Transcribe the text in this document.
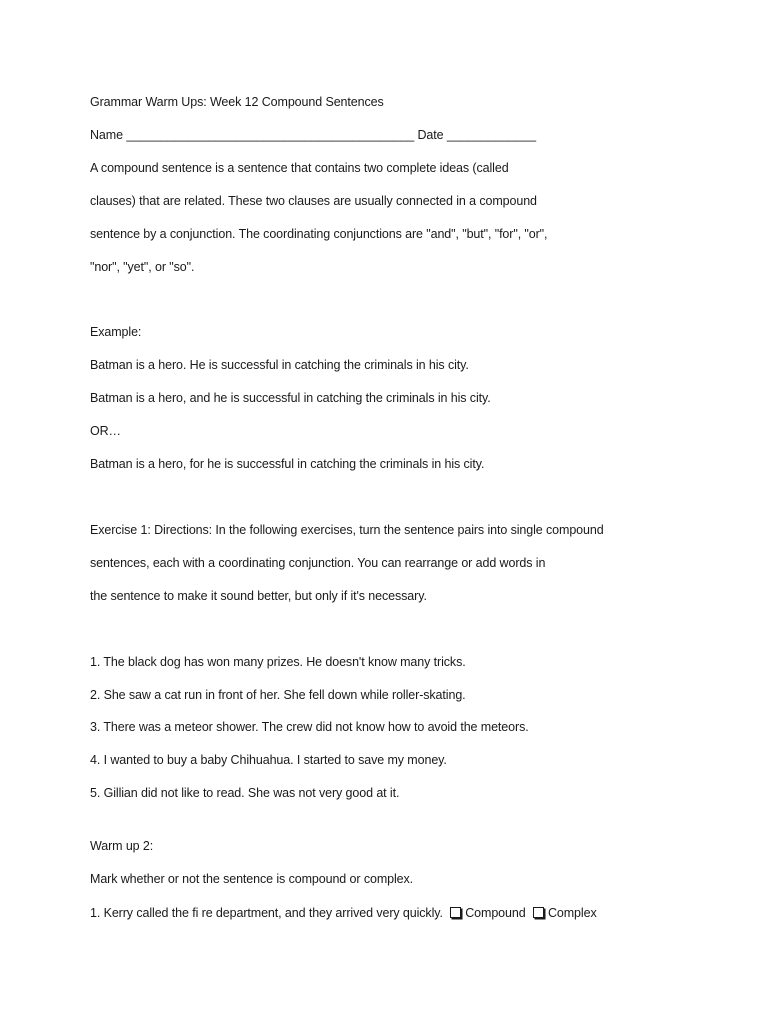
Grammar Warm Ups: Week 12 Compound Sentences
Name __________________________________________ Date _____________
A compound sentence is a sentence that contains two complete ideas (called
clauses) that are related. These two clauses are usually connected in a compound
sentence by a conjunction. The coordinating conjunctions are "and", "but", "for", "or",
"nor", "yet", or "so".
Example:
Batman is a hero. He is successful in catching the criminals in his city.
Batman is a hero, and he is successful in catching the criminals in his city.
OR…
Batman is a hero, for he is successful in catching the criminals in his city.
Exercise 1: Directions: In the following exercises, turn the sentence pairs into single compound
sentences, each with a coordinating conjunction. You can rearrange or add words in
the sentence to make it sound better, but only if it's necessary.
1. The black dog has won many prizes. He doesn't know many tricks.
2. She saw a cat run in front of her. She fell down while roller-skating.
3. There was a meteor shower. The crew did not know how to avoid the meteors.
4. I wanted to buy a baby Chihuahua. I started to save my money.
5. Gillian did not like to read. She was not very good at it.
Warm up 2:
Mark whether or not the sentence is compound or complex.
1. Kerry called the fi re department, and they arrived very quickly. Compound Complex
